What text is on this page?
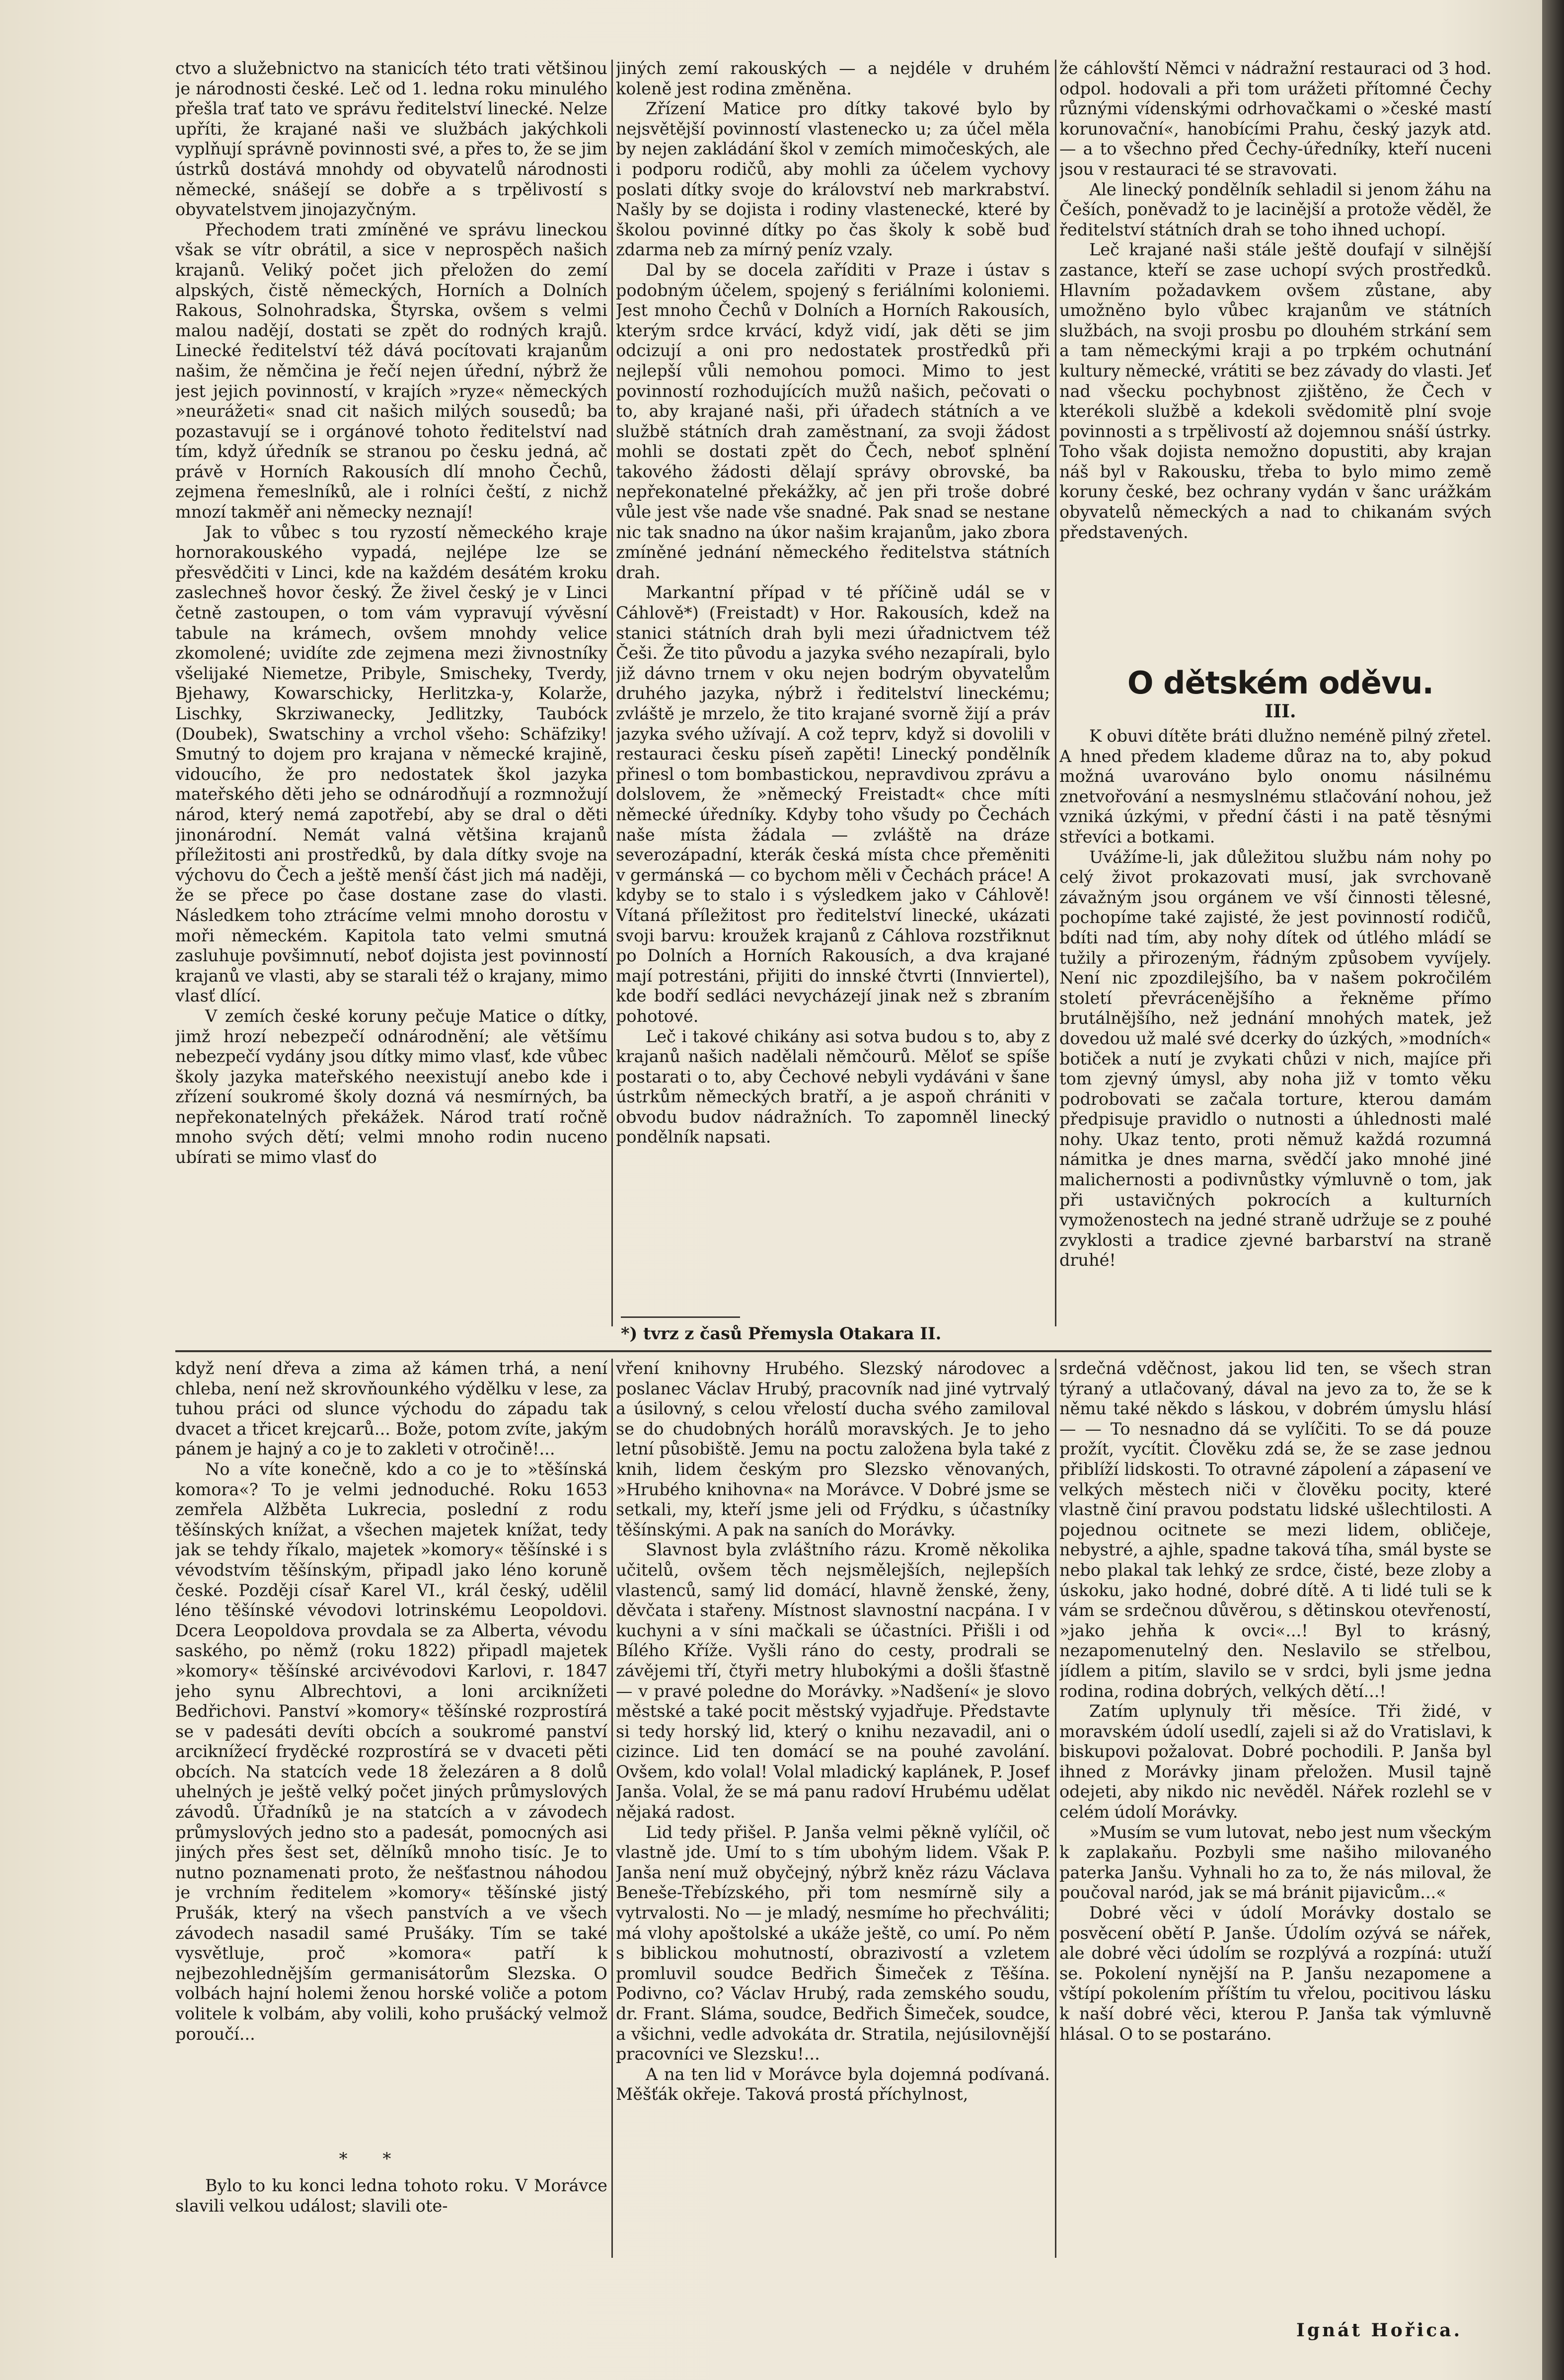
ctvo a služebnictvo na stanicích této trati většinou je národnosti české. Leč od 1. ledna roku minulého přešla trať tato ve správu ředitelství linecké. Nelze upříti, že krajané naši ve službách jakýchkoli vyplňují správně povinnosti své, a přes to, že se jim ústrků dostává mnohdy od obyvatelů národnosti německé, snášejí se dobře a s trpělivostí s obyvatelstvem jinojazyčným.

Přechodem trati zmíněné ve správu lineckou však se vítr obrátil, a sice v neprospěch našich krajanů. Veliký počet jich přeložen do zemí alpských, čistě německých, Horních a Dolních Rakous, Solnohradska, Štyrska, ovšem s velmi malou nadějí, dostati se zpět do rodných krajů. Linecké ředitelství též dává pocítovati krajanům našim, že němčina je řečí nejen úřední, nýbrž že jest jejich povinností, v krajích »ryze« německých »neurážeti« snad cit našich milých sousedů; ba pozastavují se i orgánové tohoto ředitelství nad tím, když úředník se stranou po česku jedná, ač právě v Horních Rakousích dlí mnoho Čechů, zejmena řemeslníků, ale i rolníci čeští, z nichž mnozí takměř ani německy neznají!

Jak to vůbec s tou ryzostí německého kraje hornorakouského vypadá, nejlépe lze se přesvědčiti v Linci, kde na každém desátém kroku zaslechneš hovor český. Že živel český je v Linci četně zastoupen, o tom vám vypravují vývěsní tabule na krámech, ovšem mnohdy velice zkomolené; uvidíte zde zejmena mezi živnostníky všelijaké Niemetze, Pribyle, Smischeky, Tverdy, Bjehawy, Kowarschicky, Herlitzka-y, Kolarže, Lischky, Skrziwanecky, Jedlitzky, Taubóck (Doubek), Swatschiny a vrchol všeho: Schäfziky! Smutný to dojem pro krajana v německé krajině, vidoucího, že pro nedostatek škol jazyka mateřského děti jeho se odnárodňují a rozmnožují národ, který nemá zapotřebí, aby se dral o děti jinonárodní. Nemát valná většina krajanů příležitosti ani prostředků, by dala dítky svoje na výchovu do Čech a ještě menší část jich má naději, že se přece po čase dostane zase do vlasti. Následkem toho ztrácíme velmi mnoho dorostu v moři německém. Kapitola tato velmi smutná zasluhuje povšimnutí, neboť dojista jest povinností krajanů ve vlasti, aby se starali též o krajany, mimo vlasť dlící.

V zemích české koruny pečuje Matice o dítky, jimž hrozí nebezpečí odnárodnění; ale většímu nebezpečí vydány jsou dítky mimo vlasť, kde vůbec školy jazyka mateřského neexistují anebo kde i zřízení soukromé školy dozná vá nesmírných, ba nepřekonatelných překážek. Národ tratí ročně mnoho svých dětí; velmi mnoho rodin nuceno ubírati se mimo vlasť do

jiných zemí rakouských — a nejdéle v druhém koleně jest rodina změněna.

Zřízení Matice pro dítky takové bylo by nejsvětější povinností vlastenecko u; za účel měla by nejen zakládání škol v zemích mimočeských, ale i podporu rodičů, aby mohli za účelem vychovy poslati dítky svoje do království neb markrabství. Našly by se dojista i rodiny vlastenecké, které by školou povinné dítky po čas školy k sobě buď zdarma neb za mírný peníz vzaly.

Dal by se docela zaříditi v Praze i ústav s podobným účelem, spojený s feriálními koloniemi. Jest mnoho Čechů v Dolních a Horních Rakousích, kterým srdce krvácí, když vidí, jak děti se jim odcizují a oni pro nedostatek prostředků při nejlepší vůli nemohou pomoci. Mimo to jest povinností rozhodujících mužů našich, pečovati o to, aby krajané naši, při úřadech státních a ve službě státních drah zaměstnaní, za svoji žádost mohli se dostati zpět do Čech, neboť splnění takového žádosti dělají správy obrovské, ba nepřekonatelné překážky, ač jen při troše dobré vůle jest vše nade vše snadné. Pak snad se nestane nic tak snadno na úkor našim krajanům, jako zbora zmíněné jednání německého ředitelstva státních drah.

Markantní případ v té příčině udál se v Cáhlově*) (Freistadt) v Hor. Rakousích, kdež na stanici státních drah byli mezi úřadnictvem též Češi. Že tito původu a jazyka svého nezapírali, bylo již dávno trnem v oku nejen bodrým obyvatelům druhého jazyka, nýbrž i ředitelství lineckému; zvláště je mrzelo, že tito krajané svorně žijí a práv jazyka svého užívají. A což teprv, když si dovolili v restauraci česku píseň zapěti! Linecký pondělník přinesl o tom bombastickou, nepravdivou zprávu a dolslovem, že »německý Freistadt« chce míti německé úředníky. Kdyby toho všudy po Čechách naše místa žádala — zvláště na dráze severozápadní, kterák česká místa chce přeměniti v germánská — co bychom měli v Čechách práce! A kdyby se to stalo i s výsledkem jako v Cáhlově! Vítaná příležitost pro ředitelství linecké, ukázati svoji barvu: kroužek krajanů z Cáhlova rozstřiknut po Dolních a Horních Rakousích, a dva krajané mají potrestáni, přijiti do innské čtvrti (Innviertel), kde bodří sedláci nevycházejí jinak než s zbraním pohotové.

Leč i takové chikány asi sotva budou s to, aby z krajanů našich nadělali němčourů. Měloť se spíše postarati o to, aby Čechové nebyli vydáváni v šane ústrkům německých bratří, a je aspoň chrániti v obvodu budov nádražních. To zapomněl linecký pondělník napsati.

že cáhlovští Němci v nádražní restauraci od 3 hod. odpol. hodovali a při tom urážeti přítomné Čechy různými vídenskými odrhovačkami o »české mastí korunovační«, hanobícími Prahu, český jazyk atd. — a to všechno před Čechy-úředníky, kteří nuceni jsou v restauraci té se stravovati.

Ale linecký pondělník sehladil si jenom žáhu na Češích, poněvadž to je lacinější a protože věděl, že ředitelství státních drah se toho ihned uchopí.

Leč krajané naši stále ještě doufají v silnější zastance, kteří se zase uchopí svých prostředků. Hlavním požadavkem ovšem zůstane, aby umožněno bylo vůbec krajanům ve státních službách, na svoji prosbu po dlouhém strkání sem a tam německými kraji a po trpkém ochutnání kultury německé, vrátiti se bez závady do vlasti. Jeť nad všecku pochybnost zjištěno, že Čech v kterékoli službě a kdekoli svědomitě plní svoje povinnosti a s trpělivostí až dojemnou snáší ústrky. Toho však dojista nemožno dopustiti, aby krajan náš byl v Rakousku, třeba to bylo mimo země koruny české, bez ochrany vydán v šanc urážkám obyvatelů německých a nad to chikanám svých představených.

O dětském oděvu.
III.

K obuvi dítěte bráti dlužno neméně pilný zřetel. A hned předem klademe důraz na to, aby pokud možná uvarováno bylo onomu násilnému znetvořování a nesmyslnému stlačování nohou, jež vzniká úzkými, v přední části i na patě těsnými střevíci a botkami.

Uvážíme-li, jak důležitou službu nám nohy po celý život prokazovati musí, jak svrchovaně závažným jsou orgánem ve vší činnosti tělesné, pochopíme také zajisté, že jest povinností rodičů, bdíti nad tím, aby nohy dítek od útlého mládí se tužily a přirozeným, řádným způsobem vyvíjely. Není nic zpozdilejšího, ba v našem pokročilém století převrácenějšího a řekněme přímo brutálnějšího, než jednání mnohých matek, jež dovedou už malé své dcerky do úzkých, »modních« botiček a nutí je zvykati chůzi v nich, majíce při tom zjevný úmysl, aby noha již v tomto věku podrobovati se začala torture, kterou damám předpisuje pravidlo o nutnosti a úhlednosti malé nohy. Ukaz tento, proti němuž každá rozumná námitka je dnes marna, svědčí jako mnohé jiné malichernosti a podivnůstky výmluvně o tom, jak při ustavičných pokrocích a kulturních vymoženostech na jedné straně udržuje se z pouhé zvyklosti a tradice zjevné barbarství na straně druhé!

*) tvrz z časů Přemysla Otakara II.

když není dřeva a zima až kámen trhá, a není chleba, není než skrovňounkého výdělku v lese, za tuhou práci od slunce východu do západu tak dvacet a třicet krejcarů... Bože, potom zvíte, jakým pánem je hajný a co je to zakleti v otročině!...

No a víte konečně, kdo a co je to »těšínská komora«? To je velmi jednoduché. Roku 1653 zemřela Alžběta Lukrecia, poslední z rodu těšínských knížat, a všechen majetek knížat, tedy jak se tehdy říkalo, majetek »komory« těšínské i s vévodstvím těšínským, připadl jako léno koruně české. Později císař Karel VI., král český, udělil léno těšínské vévodovi lotrinskému Leopoldovi. Dcera Leopoldova provdala se za Alberta, vévodu saského, po němž (roku 1822) připadl majetek »komory« těšínské arcivévodovi Karlovi, r. 1847 jeho synu Albrechtovi, a loni arciknížeti Bedřichovi. Panství »komory« těšínské rozprostírá se v padesáti devíti obcích a soukromé panství arciknížecí fryděcké rozprostírá se v dvaceti pěti obcích. Na statcích vede 18 železáren a 8 dolů uhelných je ještě velký počet jiných průmyslových závodů. Úřadníků je na statcích a v závodech průmyslových jedno sto a padesát, pomocných asi jiných přes šest set, dělníků mnoho tisíc. Je to nutno poznamenati proto, že nešťastnou náhodou je vrchním ředitelem »komory« těšínské jistý Prušák, který na všech panstvích a ve všech závodech nasadil samé Prušáky. Tím se také vysvětluje, proč »komora« patří k nejbezohlednějším germanisátorům Slezska. O volbách hajní holemi ženou horské voliče a potom volitele k volbám, aby volili, koho prušácký velmož poroučí...

* *

Bylo to ku konci ledna tohoto roku. V Morávce slavili velkou událost; slavili ote-

vření knihovny Hrubého. Slezský národovec a poslanec Václav Hrubý, pracovník nad jiné vytrvalý a úsilovný, s celou vřelostí ducha svého zamiloval se do chudobných horálů moravských. Je to jeho letní působiště. Jemu na poctu založena byla také z knih, lidem českým pro Slezsko věnovaných, »Hrubého knihovna« na Morávce. V Dobré jsme se setkali, my, kteří jsme jeli od Frýdku, s účastníky těšínskými. A pak na saních do Morávky.

Slavnost byla zvláštního rázu. Kromě několika učitelů, ovšem těch nejsmělejších, nejlepších vlastenců, samý lid domácí, hlavně ženské, ženy, děvčata i stařeny. Místnost slavnostní nacpána. I v kuchyni a v síni mačkali se účastníci. Přišli i od Bílého Kříže. Vyšli ráno do cesty, prodrali se závějemi tří, čtyři metry hlubokými a došli šťastně — v pravé poledne do Morávky. »Nadšení« je slovo městské a také pocit městský vyjadřuje. Představte si tedy horský lid, který o knihu nezavadil, ani o cizince. Lid ten domácí se na pouhé zavolání. Ovšem, kdo volal! Volal mladický kaplánek, P. Josef Janša. Volal, že se má panu radoví Hrubému udělat nějaká radost.

Lid tedy přišel. P. Janša velmi pěkně vylíčil, oč vlastně jde. Umí to s tím ubohým lidem. Však P. Janša není muž obyčejný, nýbrž kněz rázu Václava Beneše-Třebízského, při tom nesmírně sily a vytrvalosti. No — je mladý, nesmíme ho přechváliti; má vlohy apoštolské a ukáže ještě, co umí. Po něm s biblickou mohutností, obrazivostí a vzletem promluvil soudce Bedřich Šimeček z Těšína. Podivno, co? Václav Hrubý, rada zemského soudu, dr. Frant. Sláma, soudce, Bedřich Šimeček, soudce, a všichni, vedle advokáta dr. Stratila, nejúsilovnější pracovníci ve Slezsku!...

A na ten lid v Morávce byla dojemná podívaná. Měšťák okřeje. Taková prostá příchylnost,

srdečná vděčnost, jakou lid ten, se všech stran týraný a utlačovaný, dával na jevo za to, že se k němu také někdo s láskou, v dobrém úmyslu hlásí — — To nesnadno dá se vylíčiti. To se dá pouze prožít, vycítit. Člověku zdá se, že se zase jednou přiblíží lidskosti. To otravné zápolení a zápasení ve velkých městech niči v člověku pocity, které vlastně činí pravou podstatu lidské ušlechtilosti. A pojednou ocitnete se mezi lidem, obličeje, nebystré, a ajhle, spadne taková tíha, smál byste se nebo plakal tak lehký ze srdce, čisté, beze zloby a úskoku, jako hodné, dobré dítě. A ti lidé tuli se k vám se srdečnou důvěrou, s dětinskou otevřeností, »jako jehňa k ovci«...! Byl to krásný, nezapomenutelný den. Neslavilo se střelbou, jídlem a pitím, slavilo se v srdci, byli jsme jedna rodina, rodina dobrých, velkých dětí...!

Zatím uplynuly tři měsíce. Tři židé, v moravském údolí usedlí, zajeli si až do Vratislavi, k biskupovi požalovat. Dobré pochodili. P. Janša byl ihned z Morávky jinam přeložen. Musil tajně odejeti, aby nikdo nic nevěděl. Nářek rozlehl se v celém údolí Morávky.

»Musím se vum lutovat, nebo jest num všeckým k zaplakaňu. Pozbyli sme našiho milovaného paterka Janšu. Vyhnali ho za to, že nás miloval, že poučoval naród, jak se má bránit pijavicům...«

Dobré věci v údolí Morávky dostalo se posvěcení obětí P. Janše. Údolím ozývá se nářek, ale dobré věci údolím se rozplývá a rozpíná: utuží se. Pokolení nynější na P. Janšu nezapomene a vštípí pokolením příštím tu vřelou, pocitivou lásku k naší dobré věci, kterou P. Janša tak výmluvně hlásal. O to se postaráno.

Ignát Hořica.
